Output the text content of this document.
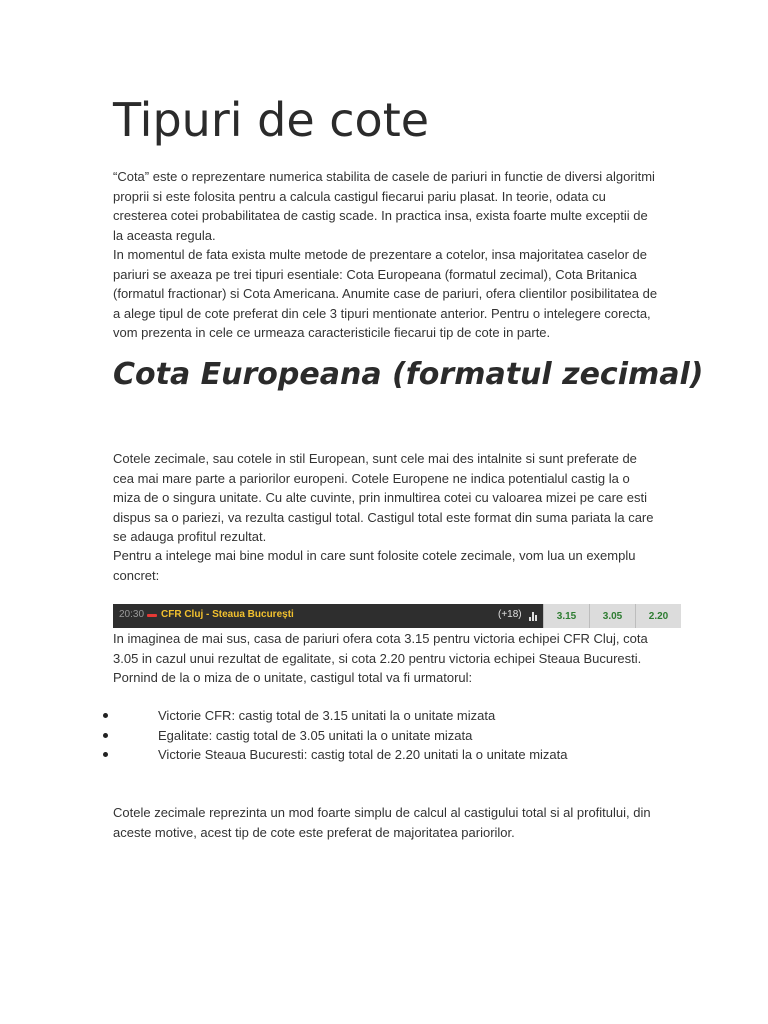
Tipuri de cote

“Cota” este o reprezentare numerica stabilita de casele de pariuri in functie de diversi algoritmi proprii si este folosita pentru a calcula castigul fiecarui pariu plasat. In teorie, odata cu cresterea cotei probabilitatea de castig scade. In practica insa, exista foarte multe exceptii de la aceasta regula.

In momentul de fata exista multe metode de prezentare a cotelor, insa majoritatea caselor de pariuri se axeaza pe trei tipuri esentiale: Cota Europeana (formatul zecimal), Cota Britanica (formatul fractionar) si Cota Americana. Anumite case de pariuri, ofera clientilor posibilitatea de a alege tipul de cote preferat din cele 3 tipuri mentionate anterior. Pentru o intelegere corecta, vom prezenta in cele ce urmeaza caracteristicile fiecarui tip de cote in parte.

Cota Europeana (formatul zecimal)

Cotele zecimale, sau cotele in stil European, sunt cele mai des intalnite si sunt preferate de cea mai mare parte a pariorilor europeni. Cotele Europene ne indica potentialul castig la o miza de o singura unitate. Cu alte cuvinte, prin inmultirea cotei cu valoarea mizei pe care esti dispus sa o pariezi, va rezulta castigul total. Castigul total este format din suma pariata la care se adauga profitul rezultat.

Pentru a intelege mai bine modul in care sunt folosite cotele zecimale, vom lua un exemplu concret:

20:30 CFR Cluj - Steaua București	(+18)	3.15	3.05	2.20

In imaginea de mai sus, casa de pariuri ofera cota 3.15 pentru victoria echipei CFR Cluj, cota 3.05 in cazul unui rezultat de egalitate, si cota 2.20 pentru victoria echipei Steaua Bucuresti. Pornind de la o miza de o unitate, castigul total va fi urmatorul:

Victorie CFR: castig total de 3.15 unitati la o unitate mizata
Egalitate: castig total de 3.05 unitati la o unitate mizata
Victorie Steaua Bucuresti: castig total de 2.20 unitati la o unitate mizata

Cotele zecimale reprezinta un mod foarte simplu de calcul al castigului total si al profitului, din aceste motive, acest tip de cote este preferat de majoritatea pariorilor.
